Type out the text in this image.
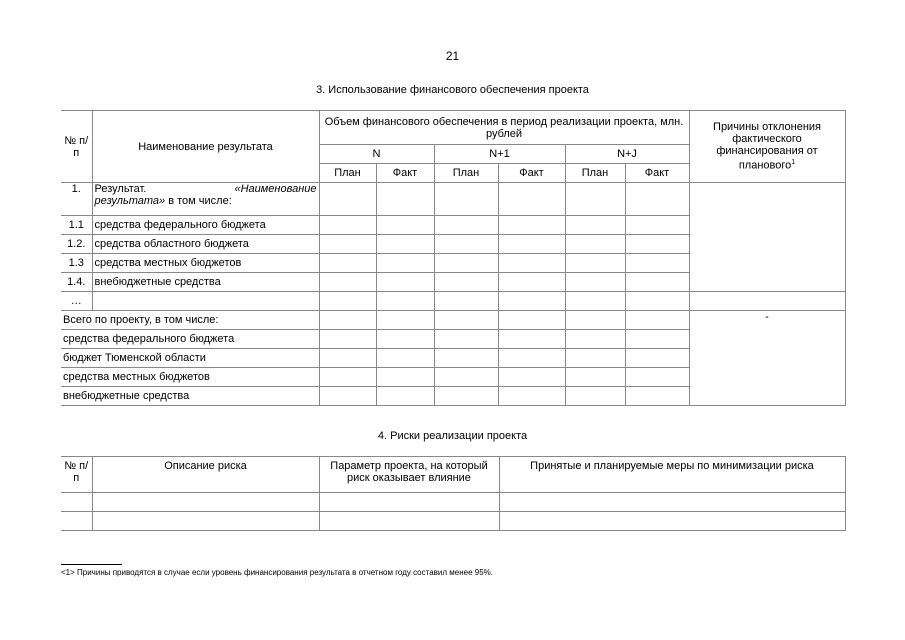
21
3. Использование финансового обеспечения проекта
№ п/п	Наименование результата	Объем финансового обеспечения в период реализации проекта, млн. рублей						Причины отклонения фактического финансирования от планового$^1$
		N		N+1		N+J		
		План	Факт	План	Факт	План	Факт	
1.	Результат. «Наименование
результата» в том числе:							

1.1	средства федерального бюджета							
1.2.	средства областного бюджета							
1.3	средства местных бюджетов							
1.4.	внебюджетные средства							
…								
Всего по проекту, в том числе:								-
средства федерального бюджета								
бюджет Тюменской области								
средства местных бюджетов								
внебюджетные средства								
4. Риски реализации проекта
№ п/п	Описание риска	Параметр проекта, на который риск оказывает влияние	Принятые и планируемые меры по минимизации риска

<1> Причины приводятся в случае если уровень финансирования результата в отчетном году составил менее 95%.
